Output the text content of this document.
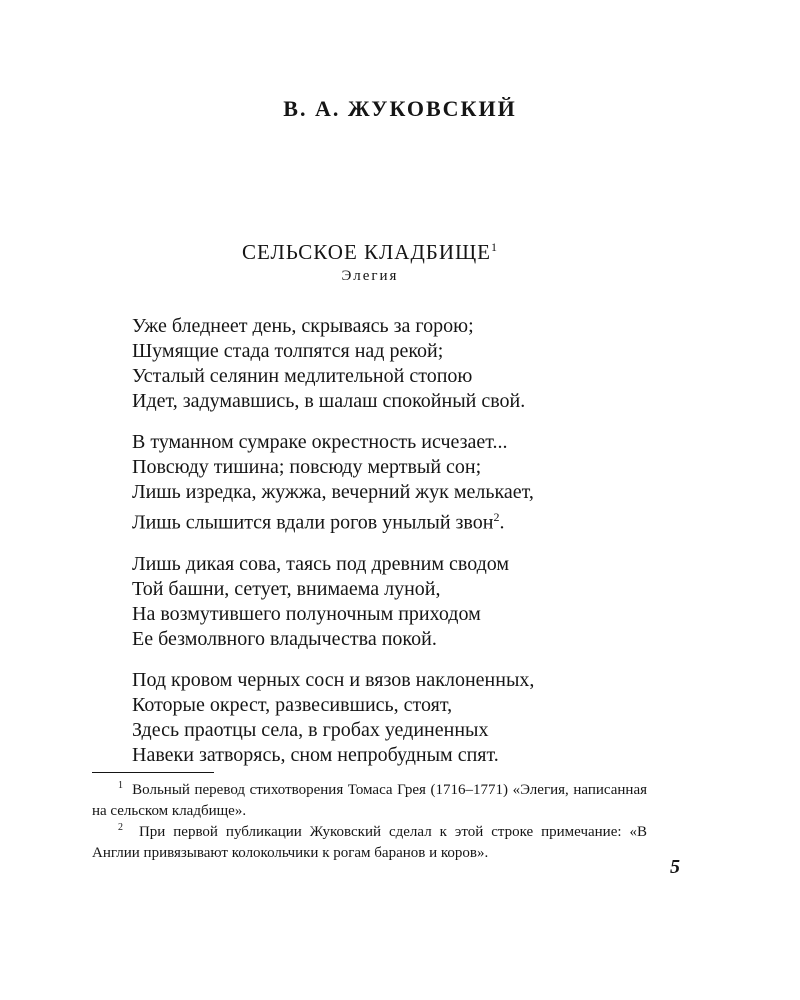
В. А. ЖУКОВСКИЙ
СЕЛЬСКОЕ КЛАДБИЩЕ$^1$
Элегия
Уже бледнеет день, скрываясь за горою;
Шумящие стада толпятся над рекой;
Усталый селянин медлительной стопою
Идет, задумавшись, в шалаш спокойный свой.
В туманном сумраке окрестность исчезает...
Повсюду тишина; повсюду мертвый сон;
Лишь изредка, жужжа, вечерний жук мелькает,
Лишь слышится вдали рогов унылый звон$^2$.
Лишь дикая сова, таясь под древним сводом
Той башни, сетует, внимаема луной,
На возмутившего полуночным приходом
Ее безмолвного владычества покой.
Под кровом черных сосн и вязов наклоненных,
Которые окрест, развесившись, стоят,
Здесь праотцы села, в гробах уединенных
Навеки затворясь, сном непробудным спят.

$^1$ Вольный перевод стихотворения Томаса Грея (1716–1771) «Элегия, написанная на сельском кладбище».

$^2$ При первой публикации Жуковский сделал к этой строке примечание: «В Англии привязывают колокольчики к рогам баранов и коров».

5
